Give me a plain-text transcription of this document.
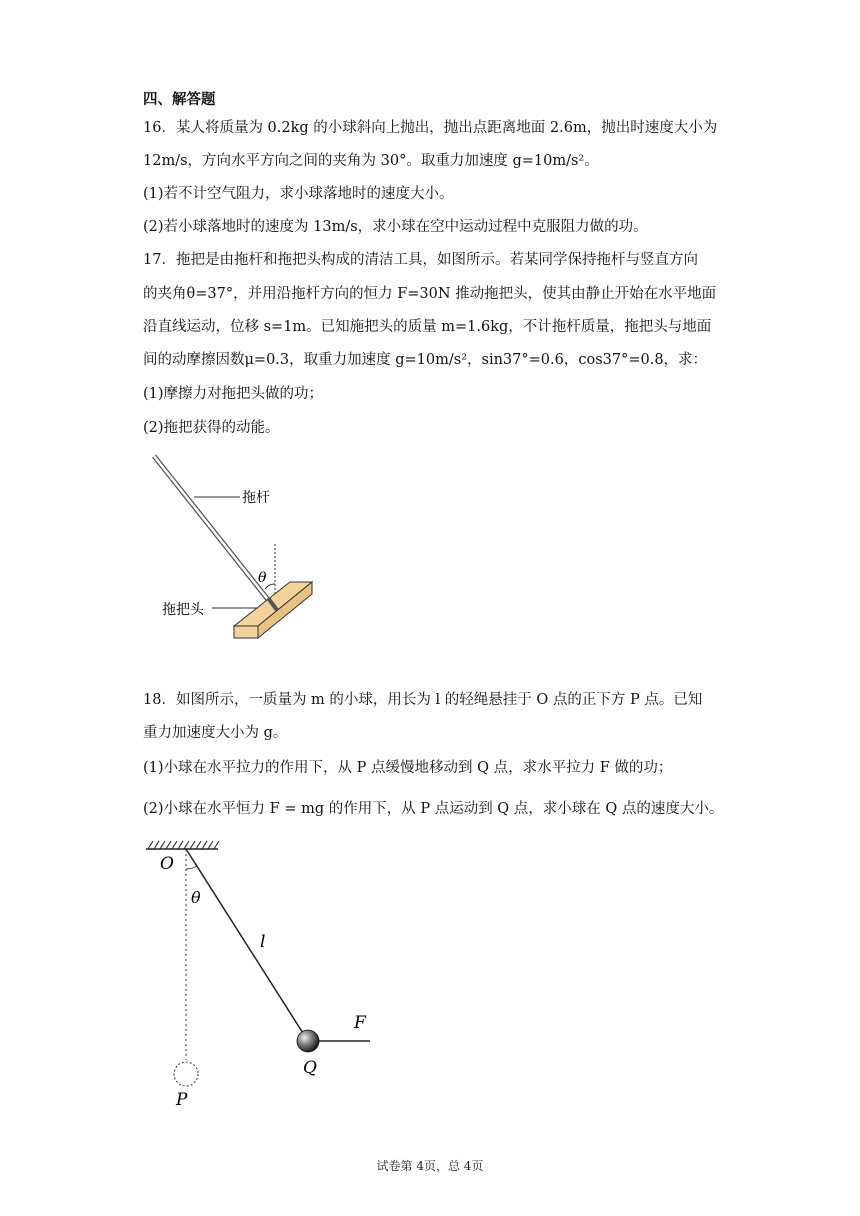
四、解答题
16．某人将质量为 0.2kg 的小球斜向上抛出，抛出点距离地面 2.6m，抛出时速度大小为
12m/s，方向水平方向之间的夹角为 30°。取重力加速度 g=10m/s²。
(1)若不计空气阻力，求小球落地时的速度大小。
(2)若小球落地时的速度为 13m/s，求小球在空中运动过程中克服阻力做的功。
17．拖把是由拖杆和拖把头构成的清洁工具，如图所示。若某同学保持拖杆与竖直方向
的夹角θ=37°，并用沿拖杆方向的恒力 F=30N 推动拖把头，使其由静止开始在水平地面
沿直线运动，位移 s=1m。已知施把头的质量 m=1.6kg，不计拖杆质量，拖把头与地面
间的动摩擦因数μ=0.3，取重力加速度 g=10m/s²，sin37°=0.6，cos37°=0.8，求：
(1)摩擦力对拖把头做的功；
(2)拖把获得的动能。
拖杆
拖把头
θ
18．如图所示，一质量为 m 的小球，用长为 l 的轻绳悬挂于 O 点的正下方 P 点。已知
重力加速度大小为 g。
(1)小球在水平拉力的作用下，从 P 点缓慢地移动到 Q 点，求水平拉力 F 做的功；
(2)小球在水平恒力 F = mg 的作用下，从 P 点运动到 Q 点，求小球在 Q 点的速度大小。
O
θ
l
F
Q
P
试卷第 4页，总 4页
